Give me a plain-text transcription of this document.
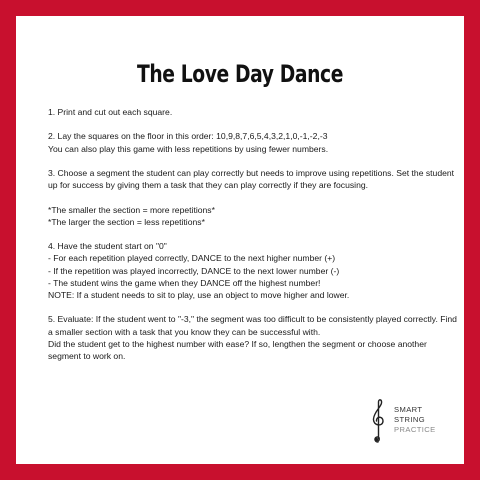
The Love Day Dance

1. Print and cut out each square.

2. Lay the squares on the floor in this order: 10,9,8,7,6,5,4,3,2,1,0,-1,-2,-3

You can also play this game with less repetitions by using fewer numbers.

3. Choose a segment the student can play correctly but needs to improve using repetitions. Set the student up for success by giving them a task that they can play correctly if they are focusing.

*The smaller the section = more repetitions*

*The larger the section = less repetitions*

4. Have the student start on "0"

- For each repetition played correctly, DANCE to the next higher number (+)

- If the repetition was played incorrectly, DANCE to the next lower number (-)

- The student wins the game when they DANCE off the highest number!

NOTE: If a student needs to sit to play, use an object to move higher and lower.

5. Evaluate: If the student went to "-3," the segment was too difficult to be consistently played correctly. Find a smaller section with a task that you know they can be successful with.

Did the student get to the highest number with ease? If so, lengthen the segment or choose another segment to work on.

SMART
STRING
PRACTICE
